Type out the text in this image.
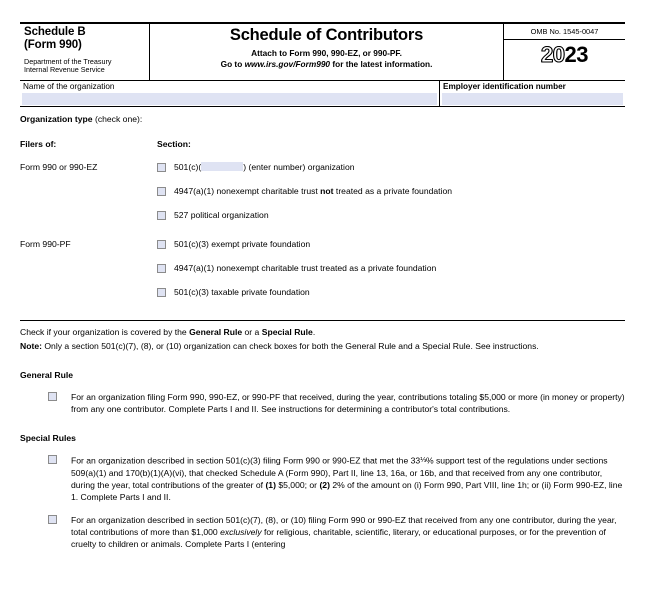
Schedule B
(Form 990)
Department of the Treasury
Internal Revenue Service
Schedule of Contributors
Attach to Form 990, 990-EZ, or 990-PF.
Go to www.irs.gov/Form990 for the latest information.
OMB No. 1545-0047
2023
Name of the organization	Employer identification number
Organization type (check one):
Filers of:	Section:
Form 990 or 990-EZ	501(c)(	) (enter number) organization
4947(a)(1) nonexempt charitable trust not treated as a private foundation
527 political organization
Form 990-PF	501(c)(3) exempt private foundation
4947(a)(1) nonexempt charitable trust treated as a private foundation
501(c)(3) taxable private foundation
Check if your organization is covered by the General Rule or a Special Rule.
Note: Only a section 501(c)(7), (8), or (10) organization can check boxes for both the General Rule and a Special Rule. See instructions.
General Rule
For an organization filing Form 990, 990-EZ, or 990-PF that received, during the year, contributions totaling $5,000 or more (in money or property) from any one contributor. Complete Parts I and II. See instructions for determining a contributor's total contributions.
Special Rules
For an organization described in section 501(c)(3) filing Form 990 or 990-EZ that met the 33⅓% support test of the regulations under sections 509(a)(1) and 170(b)(1)(A)(vi), that checked Schedule A (Form 990), Part II, line 13, 16a, or 16b, and that received from any one contributor, during the year, total contributions of the greater of (1) $5,000; or (2) 2% of the amount on (i) Form 990, Part VIII, line 1h; or (ii) Form 990-EZ, line 1. Complete Parts I and II.
For an organization described in section 501(c)(7), (8), or (10) filing Form 990 or 990-EZ that received from any one contributor, during the year, total contributions of more than $1,000 exclusively for religious, charitable, scientific, literary, or educational purposes, or for the prevention of cruelty to children or animals. Complete Parts I (entering
